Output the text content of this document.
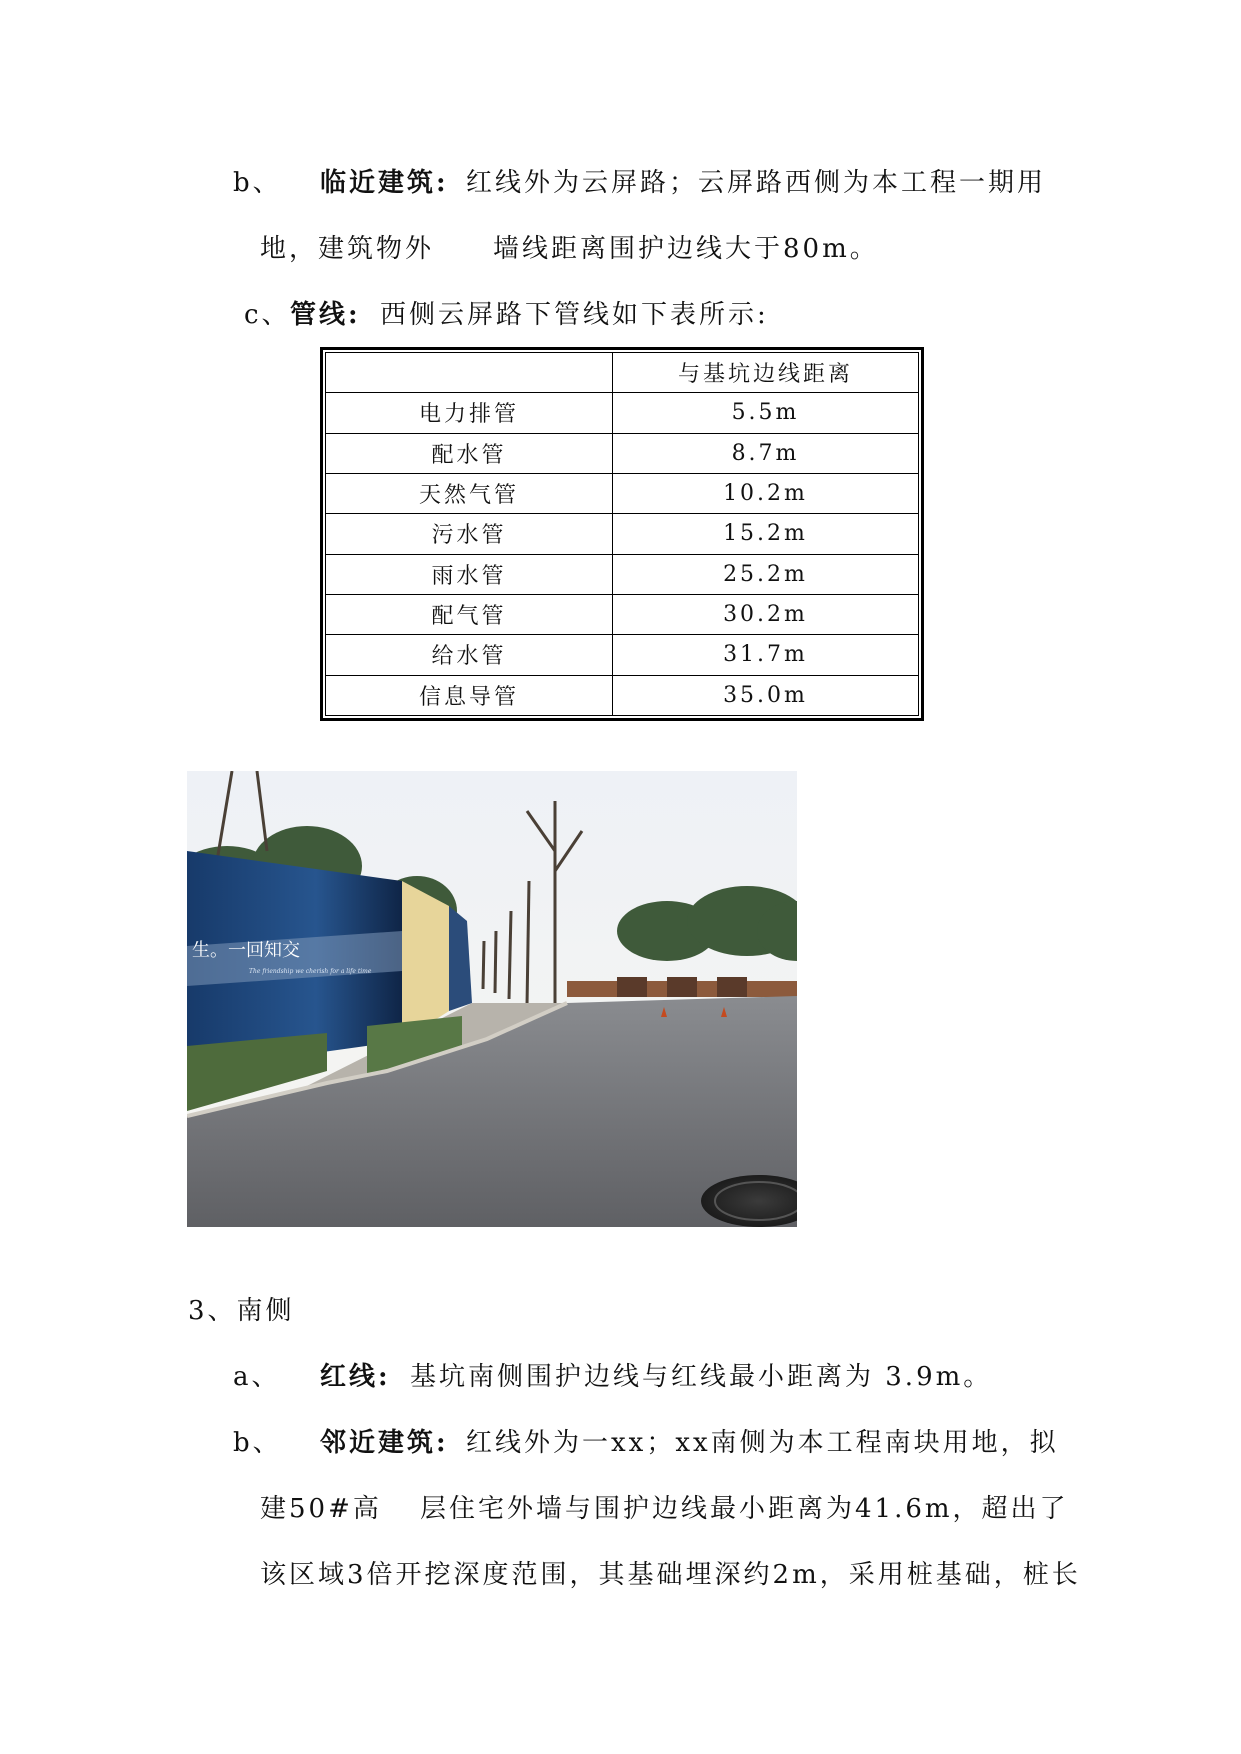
b、 临近建筑: 红线外为云屏路；云屏路西侧为本工程一期用
地，建筑物外 墙线距离围护边线大于80m。
c、 管线: 西侧云屏路下管线如下表所示:
	与基坑边线距离
电力排管	5.5m
配水管	8.7m
天然气管	10.2m
污水管	15.2m
雨水管	25.2m
配气管	30.2m
给水管	31.7m
信息导管	35.0m
生。一回知交
The friendship we cherish for a life time
3、南侧
a、 红线: 基坑南侧围护边线与红线最小距离为 3.9m。
b、 邻近建筑: 红线外为一xx；xx南侧为本工程南块用地，拟
建50#高 层住宅外墙与围护边线最小距离为41.6m，超出了
该区域3倍开挖深度范围，其基础埋深约2m，采用桩基础，桩长
